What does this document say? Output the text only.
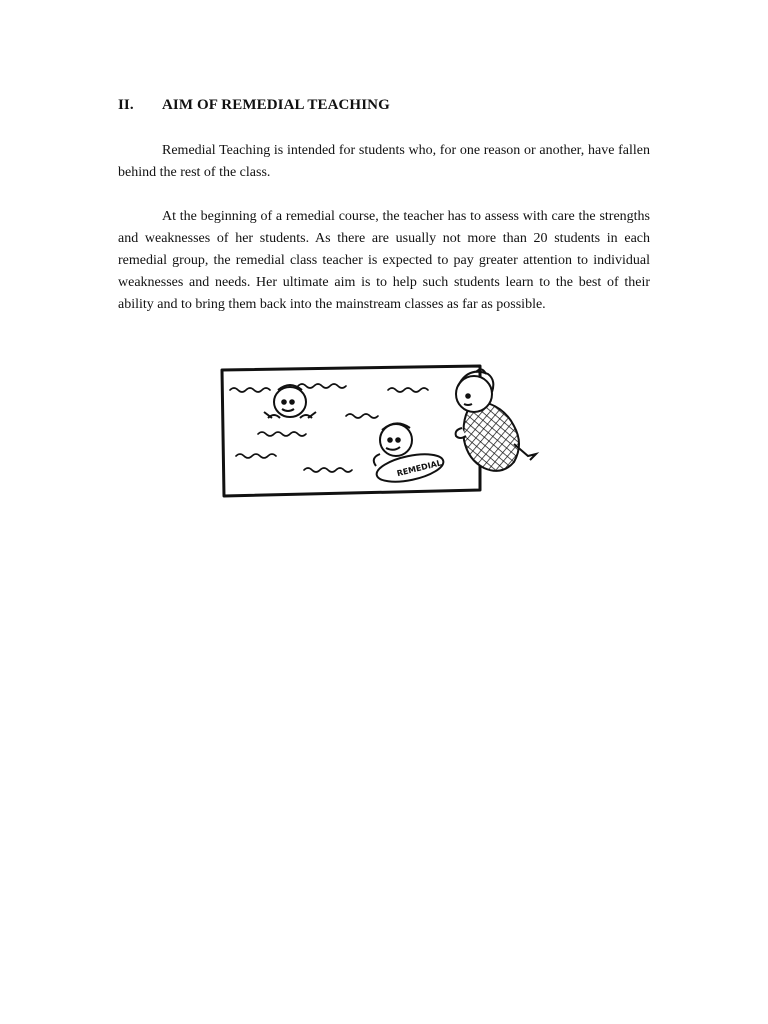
II. AIM OF REMEDIAL TEACHING

Remedial Teaching is intended for students who, for one reason or another, have fallen behind the rest of the class.

At the beginning of a remedial course, the teacher has to assess with care the strengths and weaknesses of her students. As there are usually not more than 20 students in each remedial group, the remedial class teacher is expected to pay greater attention to individual weaknesses and needs. Her ultimate aim is to help such students learn to the best of their ability and to bring them back into the mainstream classes as far as possible.

REMEDIAL
